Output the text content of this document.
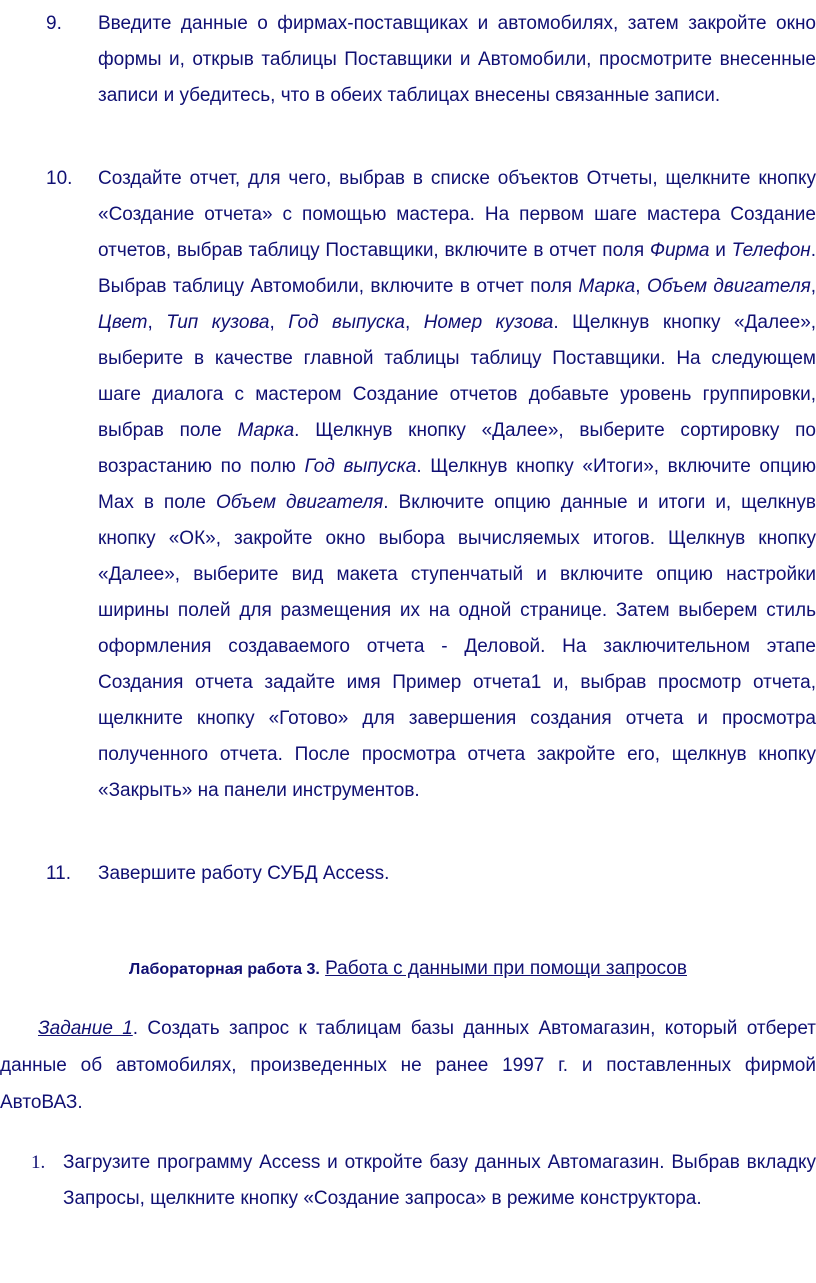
9.	Введите данные о фирмах-поставщиках и автомобилях, затем закройте окно формы и, открыв таблицы Поставщики и Автомобили, просмотрите внесенные записи и убедитесь, что в обеих таблицах внесены связанные записи.

10.	Создайте отчет, для чего, выбрав в списке объектов Отчеты, щелкните кнопку «Создание отчета» с помощью мастера. На первом шаге мастера Создание отчетов, выбрав таблицу Поставщики, включите в отчет поля Фирма и Телефон. Выбрав таблицу Автомобили, включите в отчет поля Марка, Объем двигателя, Цвет, Тип кузова, Год выпуска, Номер кузова. Щелкнув кнопку «Далее», выберите в качестве главной таблицы таблицу Поставщики. На следующем шаге диалога с мастером Создание отчетов добавьте уровень группировки, выбрав поле Марка. Щелкнув кнопку «Далее», выберите сортировку по возрастанию по полю Год выпуска. Щелкнув кнопку «Итоги», включите опцию Max в поле Объем двигателя. Включите опцию данные и итоги и, щелкнув кнопку «ОК», закройте окно выбора вычисляемых итогов. Щелкнув кнопку «Далее», выберите вид макета ступенчатый и включите опцию настройки ширины полей для размещения их на одной странице. Затем выберем стиль оформления создаваемого отчета - Деловой. На заключительном этапе Создания отчета задайте имя Пример отчета1 и, выбрав просмотр отчета, щелкните кнопку «Готово» для завершения создания отчета и просмотра полученного отчета. После просмотра отчета закройте его, щелкнув кнопку «Закрыть» на панели инструментов.

11.	Завершите работу СУБД Access.

Лабораторная работа 3. Работа с данными при помощи запросов

Задание 1. Создать запрос к таблицам базы данных Автомагазин, который отберет данные об автомобилях, произведенных не ранее 1997 г. и поставленных фирмой АвтоВАЗ.

1. Загрузите программу Access и откройте базу данных Автомагазин. Выбрав вкладку Запросы, щелкните кнопку «Создание запроса» в режиме конструктора.
